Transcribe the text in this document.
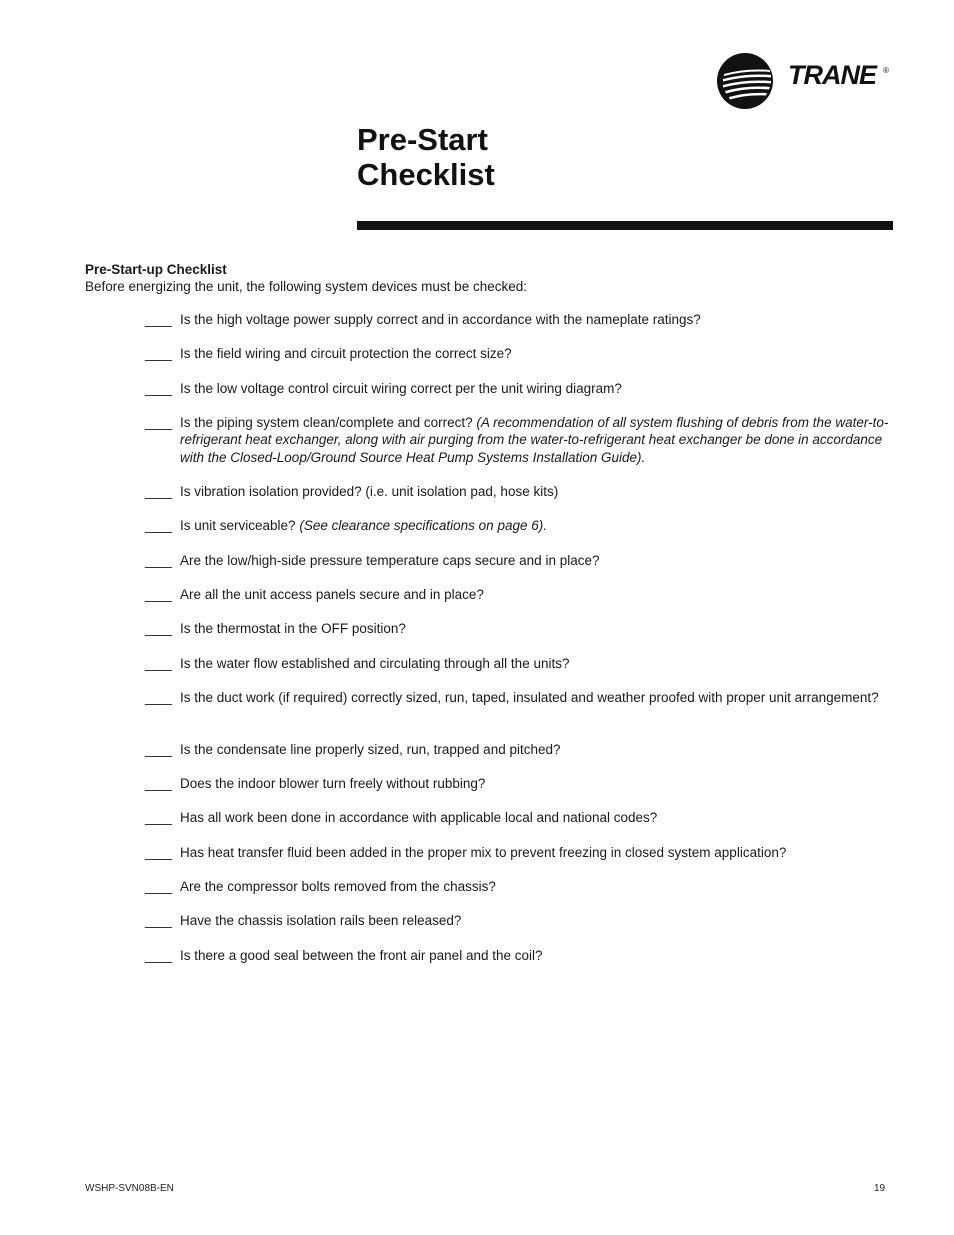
TRANE ®
Pre-Start
Checklist

Pre-Start-up Checklist

Before energizing the unit, the following system devices must be checked:

____ Is the high voltage power supply correct and in accordance with the nameplate ratings?
____ Is the field wiring and circuit protection the correct size?
____ Is the low voltage control circuit wiring correct per the unit wiring diagram?
____ Is the piping system clean/complete and correct? (A recommendation of all system flushing of debris from the water-to-refrigerant heat exchanger, along with air purging from the water-to-refrigerant heat exchanger be done in accordance with the Closed-Loop/Ground Source Heat Pump Systems Installation Guide).
____ Is vibration isolation provided? (i.e. unit isolation pad, hose kits)
____ Is unit serviceable? (See clearance specifications on page 6).
____ Are the low/high-side pressure temperature caps secure and in place?
____ Are all the unit access panels secure and in place?
____ Is the thermostat in the OFF position?
____ Is the water flow established and circulating through all the units?
____ Is the duct work (if required) correctly sized, run, taped, insulated and weather proofed with proper unit arrangement?
____ Is the condensate line properly sized, run, trapped and pitched?
____ Does the indoor blower turn freely without rubbing?
____ Has all work been done in accordance with applicable local and national codes?
____ Has heat transfer fluid been added in the proper mix to prevent freezing in closed system application?
____ Are the compressor bolts removed from the chassis?
____ Have the chassis isolation rails been released?
____ Is there a good seal between the front air panel and the coil?
WSHP-SVN08B-EN	19
